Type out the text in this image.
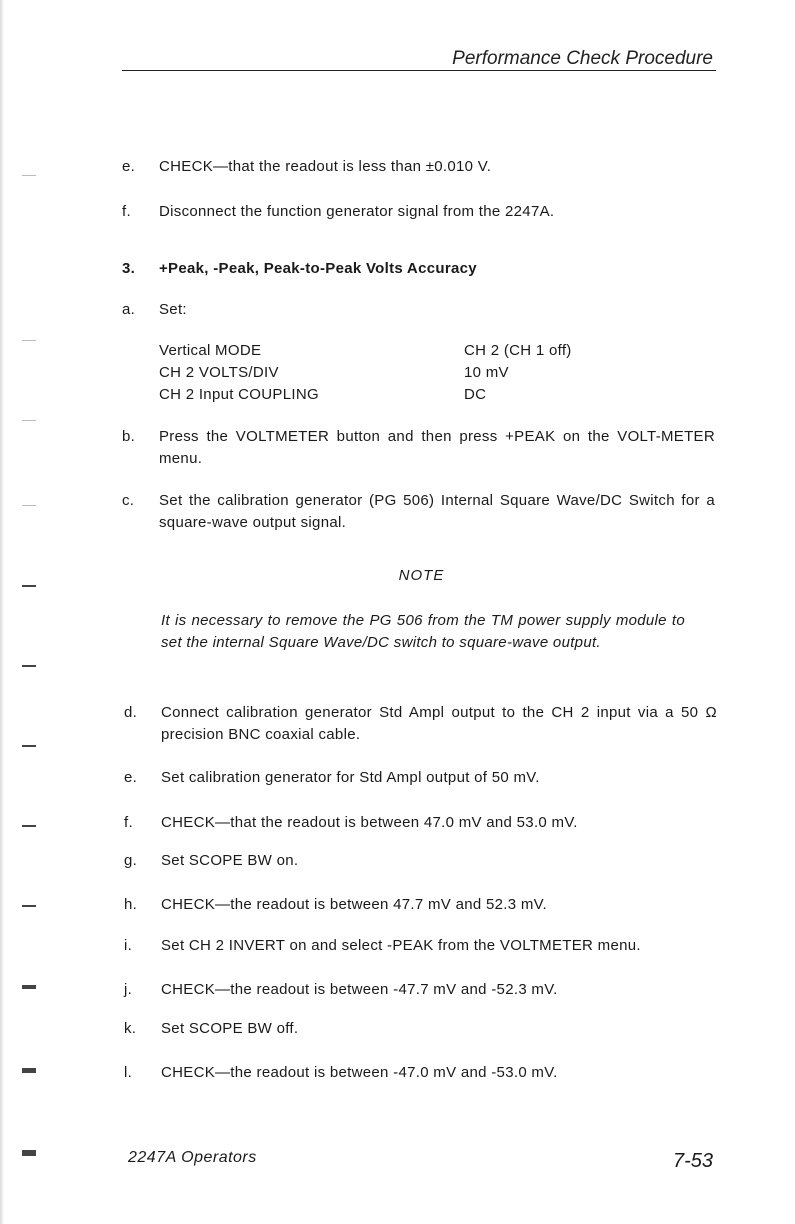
Performance Check Procedure
e. CHECK—that the readout is less than ±0.010 V.
f. Disconnect the function generator signal from the 2247A.
3. +Peak, -Peak, Peak-to-Peak Volts Accuracy
a. Set:
Vertical MODE	CH 2 (CH 1 off)
CH 2 VOLTS/DIV	10 mV
CH 2 Input COUPLING	DC
b. Press the VOLTMETER button and then press +PEAK on the VOLT-METER menu.
c. Set the calibration generator (PG 506) Internal Square Wave/DC Switch for a square-wave output signal.
NOTE
It is necessary to remove the PG 506 from the TM power supply module to set the internal Square Wave/DC switch to square-wave output.
d. Connect calibration generator Std Ampl output to the CH 2 input via a 50 Ω precision BNC coaxial cable.
e. Set calibration generator for Std Ampl output of 50 mV.
f. CHECK—that the readout is between 47.0 mV and 53.0 mV.
g. Set SCOPE BW on.
h. CHECK—the readout is between 47.7 mV and 52.3 mV.
i. Set CH 2 INVERT on and select -PEAK from the VOLTMETER menu.
j. CHECK—the readout is between -47.7 mV and -52.3 mV.
k. Set SCOPE BW off.
l. CHECK—the readout is between -47.0 mV and -53.0 mV.
2247A Operators	7-53
